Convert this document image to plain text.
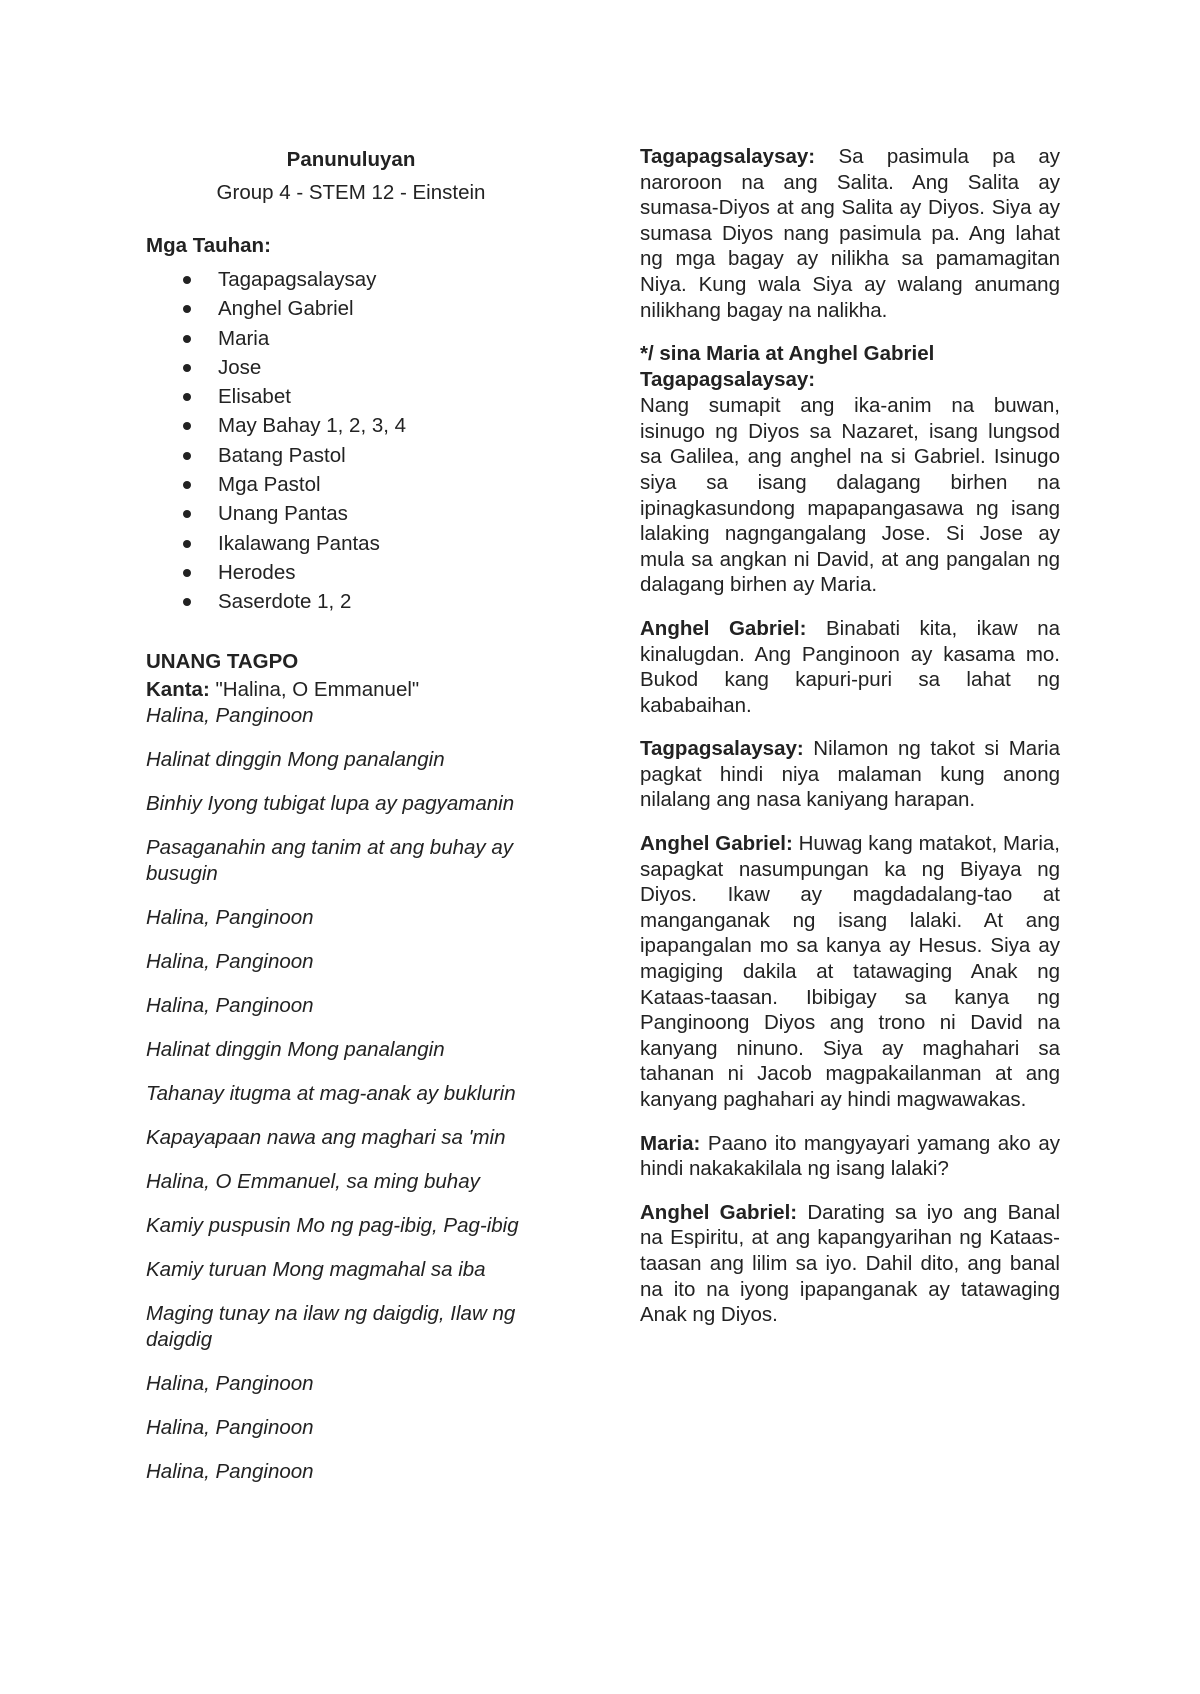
Panunuluyan

Group 4 - STEM 12 - Einstein

Mga Tauhan:

Tagapagsalaysay
Anghel Gabriel
Maria
Jose
Elisabet
May Bahay 1, 2, 3, 4
Batang Pastol
Mga Pastol
Unang Pantas
Ikalawang Pantas
Herodes
Saserdote 1, 2

UNANG TAGPO

Kanta: "Halina, O Emmanuel"

Halina, Panginoon

Halinat dinggin Mong panalangin

Binhiy Iyong tubigat lupa ay pagyamanin

Pasaganahin ang tanim at ang buhay ay busugin

Halina, Panginoon

Halina, Panginoon

Halina, Panginoon

Halinat dinggin Mong panalangin

Tahanay itugma at mag-anak ay buklurin

Kapayapaan nawa ang maghari sa 'min

Halina, O Emmanuel, sa ming buhay

Kamiy puspusin Mo ng pag-ibig, Pag-ibig

Kamiy turuan Mong magmahal sa iba

Maging tunay na ilaw ng daigdig, Ilaw ng daigdig

Halina, Panginoon

Halina, Panginoon

Halina, Panginoon

Tagapagsalaysay: Sa pasimula pa ay naroroon na ang Salita. Ang Salita ay sumasa-Diyos at ang Salita ay Diyos. Siya ay sumasa Diyos nang pasimula pa. Ang lahat ng mga bagay ay nilikha sa pamamagitan Niya. Kung wala Siya ay walang anumang nilikhang bagay na nalikha.

*/ sina Maria at Anghel Gabriel

Tagapagsalaysay:

Nang sumapit ang ika-anim na buwan, isinugo ng Diyos sa Nazaret, isang lungsod sa Galilea, ang anghel na si Gabriel. Isinugo siya sa isang dalagang birhen na ipinagkasundong mapapangasawa ng isang lalaking nagngangalang Jose. Si Jose ay mula sa angkan ni David, at ang pangalan ng dalagang birhen ay Maria.

Anghel Gabriel: Binabati kita, ikaw na kinalugdan. Ang Panginoon ay kasama mo. Bukod kang kapuri-puri sa lahat ng kababaihan.

Tagpagsalaysay: Nilamon ng takot si Maria pagkat hindi niya malaman kung anong nilalang ang nasa kaniyang harapan.

Anghel Gabriel: Huwag kang matakot, Maria, sapagkat nasumpungan ka ng Biyaya ng Diyos. Ikaw ay magdadalang-tao at manganganak ng isang lalaki. At ang ipapangalan mo sa kanya ay Hesus. Siya ay magiging dakila at tatawaging Anak ng Kataas-taasan. Ibibigay sa kanya ng Panginoong Diyos ang trono ni David na kanyang ninuno. Siya ay maghahari sa tahanan ni Jacob magpakailanman at ang kanyang paghahari ay hindi magwawakas.

Maria: Paano ito mangyayari yamang ako ay hindi nakakakilala ng isang lalaki?

Anghel Gabriel: Darating sa iyo ang Banal na Espiritu, at ang kapangyarihan ng Kataas-taasan ang lilim sa iyo. Dahil dito, ang banal na ito na iyong ipapanganak ay tatawaging Anak ng Diyos.
